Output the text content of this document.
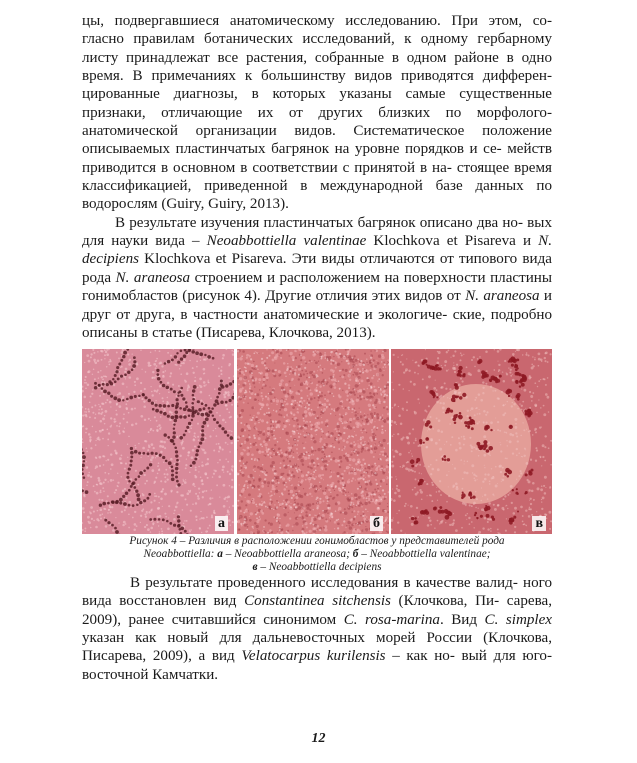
цы, подвергавшиеся анатомическому исследованию. При этом, со- гласно правилам ботанических исследований, к одному гербарному листу принадлежат все растения, собранные в одном районе в одно время. В примечаниях к большинству видов приводятся дифферен- цированные диагнозы, в которых указаны самые существенные признаки, отличающие их от других близких по морфолого- анатомической организации видов. Систематическое положение описываемых пластинчатых багрянок на уровне порядков и се- мейств приводится в основном в соответствии с принятой в на- стоящее время классификацией, приведенной в международной базе данных по водорослям (Guiry, Guiry, 2013).

В результате изучения пластинчатых багрянок описано два но- вых для науки вида – Neoabbottiella valentinae Klochkova et Pisareva и N. decipiens Klochkova et Pisareva. Эти виды отличаются от типового вида рода N. araneosa строением и расположением на поверхности пластины гонимобластов (рисунок 4). Другие отличия этих видов от N. araneosa и друг от друга, в частности анатомические и экологиче- ские, подробно описаны в статье (Писарева, Клочкова, 2013).

а	б	в
Рисунок 4 – Различия в расположении гонимобластов у представителей рода
Neoabbottiella: а – Neoabbottiella araneosa; б – Neoabbottiella valentinae;
в – Neoabbottiella decipiens

В результате проведенного исследования в качестве валид- ного вида восстановлен вид Constantinea sitchensis (Клочкова, Пи- сарева, 2009), ранее считавшийся синонимом C. rosa-marina. Вид C. simplex указан как новый для дальневосточных морей России (Клочкова, Писарева, 2009), а вид Velatocarpus kurilensis – как но- вый для юго-восточной Камчатки.

12
